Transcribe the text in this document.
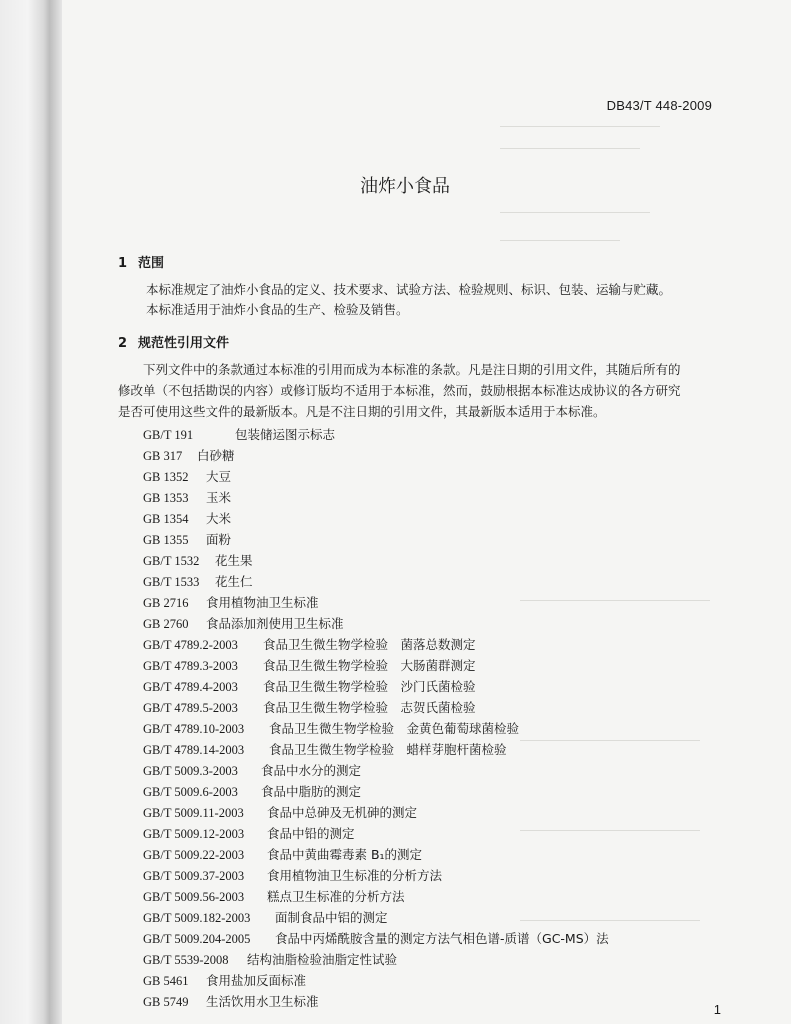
DB43/T 448-2009
油炸小食品
1 范围
本标准规定了油炸小食品的定义、技术要求、试验方法、检验规则、标识、包装、运输与贮藏。
本标准适用于油炸小食品的生产、检验及销售。
2 规范性引用文件
下列文件中的条款通过本标准的引用而成为本标准的条款。凡是注日期的引用文件，其随后所有的
修改单（不包括勘误的内容）或修订版均不适用于本标准，然而，鼓励根据本标准达成协议的各方研究
是否可使用这些文件的最新版本。凡是不注日期的引用文件，其最新版本适用于本标准。
GB/T 191	包装储运图示标志
GB 317 白砂糖
GB 1352 大豆
GB 1353 玉米
GB 1354 大米
GB 1355 面粉
GB/T 1532 花生果
GB/T 1533 花生仁
GB 2716 食用植物油卫生标准
GB 2760 食品添加剂使用卫生标准
GB/T 4789.2-2003 食品卫生微生物学检验　菌落总数测定
GB/T 4789.3-2003 食品卫生微生物学检验　大肠菌群测定
GB/T 4789.4-2003 食品卫生微生物学检验　沙门氏菌检验
GB/T 4789.5-2003 食品卫生微生物学检验　志贺氏菌检验
GB/T 4789.10-2003 食品卫生微生物学检验　金黄色葡萄球菌检验
GB/T 4789.14-2003 食品卫生微生物学检验　蜡样芽胞杆菌检验
GB/T 5009.3-2003 食品中水分的测定
GB/T 5009.6-2003 食品中脂肪的测定
GB/T 5009.11-2003 食品中总砷及无机砷的测定
GB/T 5009.12-2003 食品中铅的测定
GB/T 5009.22-2003 食品中黄曲霉毒素 B₁的测定
GB/T 5009.37-2003 食用植物油卫生标准的分析方法
GB/T 5009.56-2003 糕点卫生标准的分析方法
GB/T 5009.182-2003 面制食品中铝的测定
GB/T 5009.204-2005 食品中丙烯酰胺含量的测定方法气相色谱-质谱（GC-MS）法
GB/T 5539-2008 结构油脂检验油脂定性试验
GB 5461 食用盐加反面标准
GB 5749 生活饮用水卫生标准
1
